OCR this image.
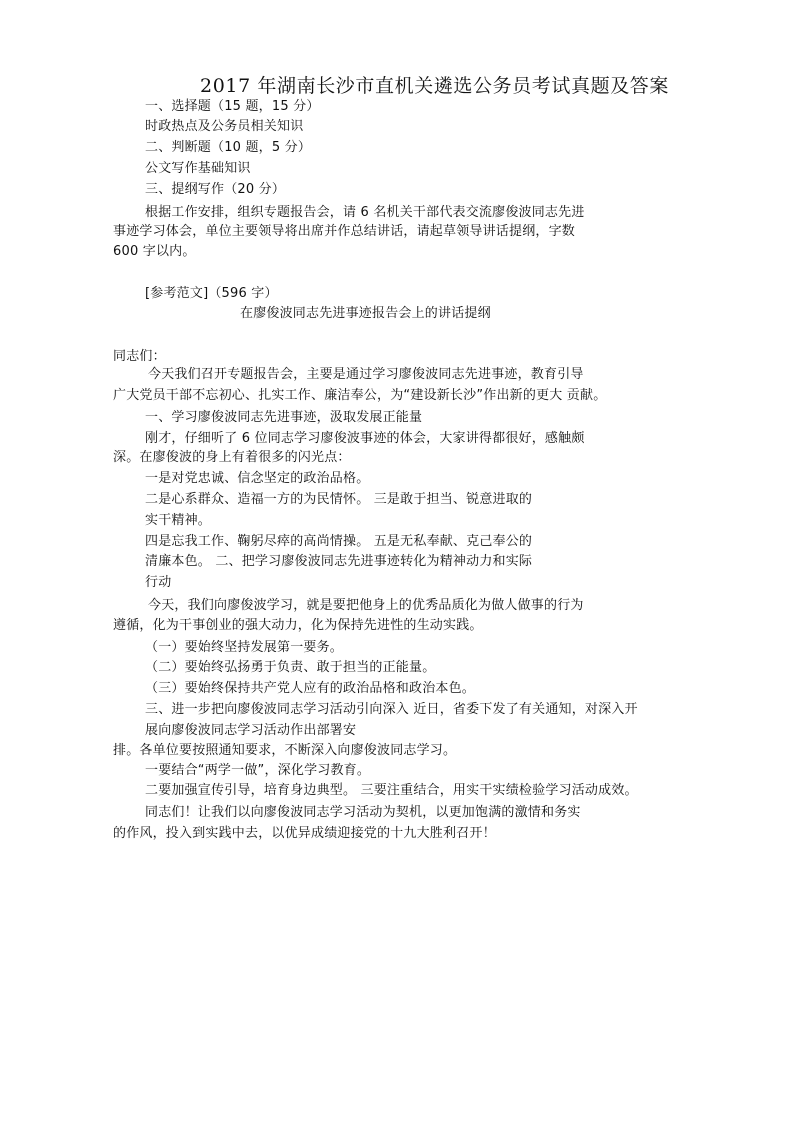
2017 年湖南长沙市直机关遴选公务员考试真题及答案
一、选择题（15 题，15 分）
时政热点及公务员相关知识
二、判断题（10 题，5 分）
公文写作基础知识
三、提纲写作（20 分）
根据工作安排，组织专题报告会，请 6 名机关干部代表交流廖俊波同志先进
事迹学习体会，单位主要领导将出席并作总结讲话，请起草领导讲话提纲，字数
600 字以内。
[参考范文]（596 字）
在廖俊波同志先进事迹报告会上的讲话提纲
同志们：
今天我们召开专题报告会，主要是通过学习廖俊波同志先进事迹，教育引导
广大党员干部不忘初心、扎实工作、廉洁奉公，为“建设新长沙”作出新的更大 贡献。
一、学习廖俊波同志先进事迹，汲取发展正能量
刚才，仔细听了 6 位同志学习廖俊波事迹的体会，大家讲得都很好，感触颇
深。在廖俊波的身上有着很多的闪光点：
一是对党忠诚、信念坚定的政治品格。
二是心系群众、造福一方的为民情怀。 三是敢于担当、锐意进取的
实干精神。
四是忘我工作、鞠躬尽瘁的高尚情操。 五是无私奉献、克己奉公的
清廉本色。 二、把学习廖俊波同志先进事迹转化为精神动力和实际
行动
今天，我们向廖俊波学习，就是要把他身上的优秀品质化为做人做事的行为
遵循，化为干事创业的强大动力，化为保持先进性的生动实践。
（一）要始终坚持发展第一要务。
（二）要始终弘扬勇于负责、敢于担当的正能量。
（三）要始终保持共产党人应有的政治品格和政治本色。
三、进一步把向廖俊波同志学习活动引向深入 近日，省委下发了有关通知，对深入开
展向廖俊波同志学习活动作出部署安
排。各单位要按照通知要求，不断深入向廖俊波同志学习。
一要结合“两学一做”，深化学习教育。
二要加强宣传引导，培育身边典型。 三要注重结合，用实干实绩检验学习活动成效。
同志们！让我们以向廖俊波同志学习活动为契机，以更加饱满的激情和务实
的作风，投入到实践中去，以优异成绩迎接党的十九大胜利召开！
